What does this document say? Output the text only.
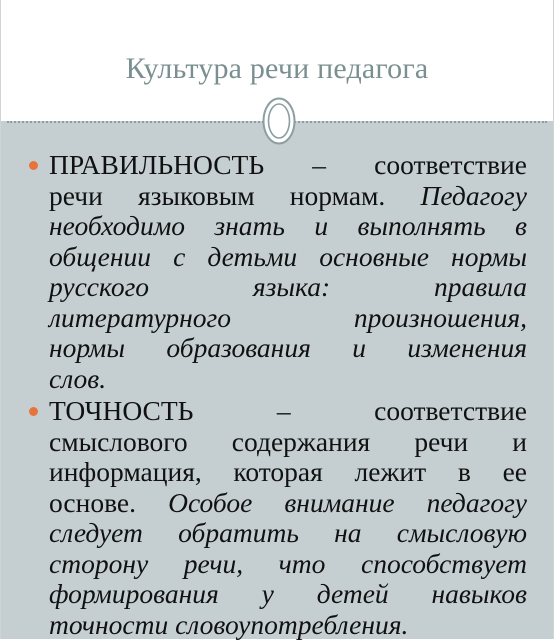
Культура речи педагога
ПРАВИЛЬНОСТЬ – соответствие
речи языковым нормам. Педагогу
необходимо знать и выполнять в
общении с детьми основные нормы
русского языка: правила
литературного произношения,
нормы образования и изменения
слов.
ТОЧНОСТЬ – соответствие
смыслового содержания речи и
информация, которая лежит в ее
основе. Особое внимание педагогу
следует обратить на смысловую
сторону речи, что способствует
формирования у детей навыков
точности словоупотребления.
